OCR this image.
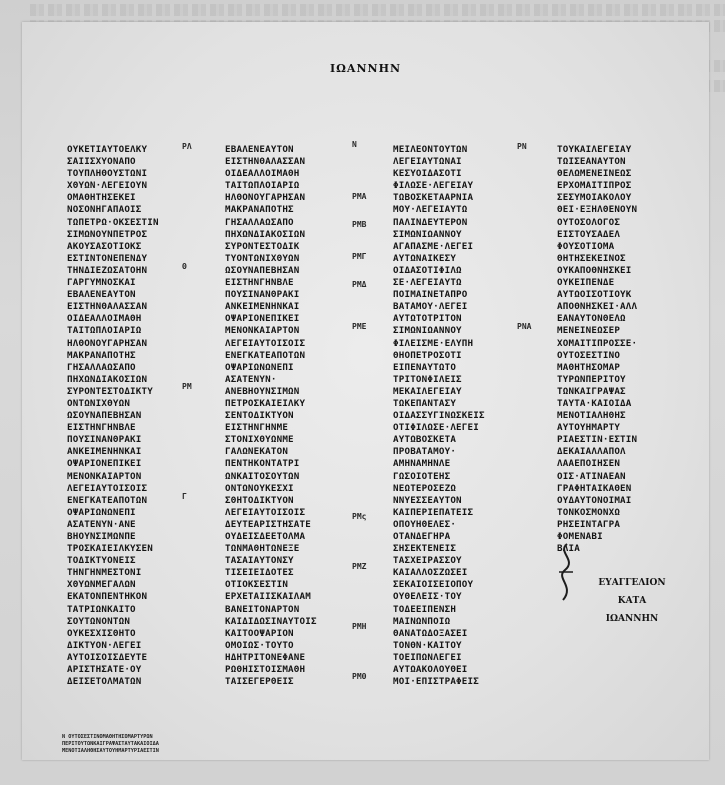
ΙΩΑΝΝΗΝ
ΟΥΚΕΤΙΑΥΤΟΕΛΚΥ
ΣΑΙΙΣΧΥΟΝΑΠΟ
ΤΟΥΠΛΗΘΟΥΣΤΩΝΙ
ΧΘΥΩΝ·ΛΕΓΕΙΟΥΝ
ΟΜΑΘΗΤΗΣΕΚΕΙ
ΝΟΣΟΝΗΓΑΠΑΟΙΣ
ΤΩΠΕΤΡΩ·ΟΚΣΕΣΤΙΝ
ΣΙΜΩΝΟΥΝΠΕΤΡΟΣ
ΑΚΟΥΣΑΣΟΤΙΟΚΣ
ΕΣΤΙΝΤΟΝΕΠΕΝΔΥ
ΤΗΝΔΙΕΖΩΣΑΤΟΗΝ
ΓΑΡΓΥΜΝΟΣΚΑΙ
ΕΒΑΛΕΝΕΑΥΤΟΝ
ΕΙΣΤΗΝΘΑΛΑΣΣΑΝ
ΟΙΔΕΑΛΛΟΙΜΑΘΗ
ΤΑΙΤΩΠΛΟΙΑΡΙΩ
ΗΛΘΟΝΟΥΓΑΡΗΣΑΝ
ΜΑΚΡΑΝΑΠΟΤΗΣ
ΓΗΣΑΛΛΑΩΣΑΠΟ
ΠΗΧΩΝΔΙΑΚΟΣΙΩΝ
ΣΥΡΟΝΤΕΣΤΟΔΙΚΤΥ
ΟΝΤΩΝΙΧΘΥΩΝ
ΩΣΟΥΝΑΠΕΒΗΣΑΝ
ΕΙΣΤΗΝΓΗΝΒΛΕ
ΠΟΥΣΙΝΑΝΘΡΑΚΙ
ΑΝΚΕΙΜΕΝΗΝΚΑΙ
ΟΨΑΡΙΟΝΕΠΙΚΕΙ
ΜΕΝΟΝΚΑΙΑΡΤΟΝ
ΛΕΓΕΙΑΥΤΟΙΣΟΙΣ
ΕΝΕΓΚΑΤΕΑΠΟΤΩΝ
ΟΨΑΡΙΩΝΩΝΕΠΙ
ΑΣΑΤΕΝΥΝ·ΑΝΕ
ΒΗΟΥΝΣΙΜΩΝΠΕ
ΤΡΟΣΚΑΙΕΙΛΚΥΣΕΝ
ΤΟΔΙΚΤΥΟΝΕΙΣ
ΤΗΝΓΗΝΜΕΣΤΟΝΙ
ΧΘΥΩΝΜΕΓΑΛΩΝ
ΕΚΑΤΟΝΠΕΝΤΗΚΟΝ
ΤΑΤΡΙΩΝΚΑΙΤΟ
ΣΟΥΤΩΝΟΝΤΩΝ
ΟΥΚΕΣΧΙΣΘΗΤΟ
ΔΙΚΤΥΟΝ·ΛΕΓΕΙ
ΑΥΤΟΙΣΟΙΣΔΕΥΤΕ
ΑΡΙΣΤΗΣΑΤΕ·ΟΥ
ΔΕΙΣΕΤΟΛΜΑΤΩΝ
ΕΒΑΛΕΝΕΑΥΤΟΝ
ΕΙΣΤΗΝΘΑΛΑΣΣΑΝ
ΟΙΔΕΑΛΛΟΙΜΑΘΗ
ΤΑΙΤΩΠΛΟΙΑΡΙΩ
ΗΛΘΟΝΟΥΓΑΡΗΣΑΝ
ΜΑΚΡΑΝΑΠΟΤΗΣ
ΓΗΣΑΛΛΑΩΣΑΠΟ
ΠΗΧΩΝΔΙΑΚΟΣΙΩΝ
ΣΥΡΟΝΤΕΣΤΟΔΙΚ
ΤΥΟΝΤΩΝΙΧΘΥΩΝ
ΩΣΟΥΝΑΠΕΒΗΣΑΝ
ΕΙΣΤΗΝΓΗΝΒΛΕ
ΠΟΥΣΙΝΑΝΘΡΑΚΙ
ΑΝΚΕΙΜΕΝΗΝΚΑΙ
ΟΨΑΡΙΟΝΕΠΙΚΕΙ
ΜΕΝΟΝΚΑΙΑΡΤΟΝ
ΛΕΓΕΙΑΥΤΟΙΣΟΙΣ
ΕΝΕΓΚΑΤΕΑΠΟΤΩΝ
ΟΨΑΡΙΩΝΩΝΕΠΙ
ΑΣΑΤΕΝΥΝ·
ΑΝΕΒΗΟΥΝΣΙΜΩΝ
ΠΕΤΡΟΣΚΑΙΕΙΛΚΥ
ΣΕΝΤΟΔΙΚΤΥΟΝ
ΕΙΣΤΗΝΓΗΝΜΕ
ΣΤΟΝΙΧΘΥΩΝΜΕ
ΓΑΛΩΝΕΚΑΤΟΝ
ΠΕΝΤΗΚΟΝΤΑΤΡΙ
ΩΝΚΑΙΤΟΣΟΥΤΩΝ
ΟΝΤΩΝΟΥΚΕΣΧΙ
ΣΘΗΤΟΔΙΚΤΥΟΝ
ΛΕΓΕΙΑΥΤΟΙΣΟΙΣ
ΔΕΥΤΕΑΡΙΣΤΗΣΑΤΕ
ΟΥΔΕΙΣΔΕΕΤΟΛΜΑ
ΤΩΝΜΑΘΗΤΩΝΕΞΕ
ΤΑΣΑΙΑΥΤΟΝΣΥ
ΤΙΣΕΙΕΙΔΟΤΕΣ
ΟΤΙΟΚΣΕΣΤΙΝ
ΕΡΧΕΤΑΙΙΣΚΑΙΛΑΜ
ΒΑΝΕΙΤΟΝΑΡΤΟΝ
ΚΑΙΔΙΔΩΣΙΝΑΥΤΟΙΣ
ΚΑΙΤΟΟΨΑΡΙΟΝ
ΟΜΟΙΩΣ·ΤΟΥΤΟ
ΗΔΗΤΡΙΤΟΝΕΦΑΝΕ
ΡΩΘΗΙΣΤΟΙΣΜΑΘΗ
ΤΑΙΣΕΓΕΡΘΕΙΣ
ΜΕΙΛΕΟΝΤΟΥΤΩΝ
ΛΕΓΕΙΑΥΤΩΝΑΙ
ΚΕΣΥΟΙΔΑΣΟΤΙ
ΦΙΛΩΣΕ·ΛΕΓΕΙΑΥ
ΤΩΒΟΣΚΕΤΑΑΡΝΙΑ
ΜΟΥ·ΛΕΓΕΙΑΥΤΩ
ΠΑΛΙΝΔΕΥΤΕΡΟΝ
ΣΙΜΩΝΙΩΑΝΝΟΥ
ΑΓΑΠΑΣΜΕ·ΛΕΓΕΙ
ΑΥΤΩΝΑΙΚΕΣΥ
ΟΙΔΑΣΟΤΙΦΙΛΩ
ΣΕ·ΛΕΓΕΙΑΥΤΩ
ΠΟΙΜΑΙΝΕΤΑΠΡΟ
ΒΑΤΑΜΟΥ·ΛΕΓΕΙ
ΑΥΤΩΤΟΤΡΙΤΟΝ
ΣΙΜΩΝΙΩΑΝΝΟΥ
ΦΙΛΕΙΣΜΕ·ΕΛΥΠΗ
ΘΗΟΠΕΤΡΟΣΟΤΙ
ΕΙΠΕΝΑΥΤΩΤΟ
ΤΡΙΤΟΝΦΙΛΕΙΣ
ΜΕΚΑΙΛΕΓΕΙΑΥ
ΤΩΚΕΠΑΝΤΑΣΥ
ΟΙΔΑΣΣΥΓΙΝΩΣΚΕΙΣ
ΟΤΙΦΙΛΩΣΕ·ΛΕΓΕΙ
ΑΥΤΩΒΟΣΚΕΤΑ
ΠΡΟΒΑΤΑΜΟΥ·
ΑΜΗΝΑΜΗΝΛΕ
ΓΩΣΟΙΟΤΕΗΣ
ΝΕΩΤΕΡΟΣΕΖΩ
ΝΝΥΕΣΣΕΑΥΤΟΝ
ΚΑΙΠΕΡΙΕΠΑΤΕΙΣ
ΟΠΟΥΗΘΕΛΕΣ·
ΟΤΑΝΔΕΓΗΡΑ
ΣΗΣΕΚΤΕΝΕΙΣ
ΤΑΣΧΕΙΡΑΣΣΟΥ
ΚΑΙΑΛΛΟΣΖΩΣΕΙ
ΣΕΚΑΙΟΙΣΕΙΟΠΟΥ
ΟΥΘΕΛΕΙΣ·ΤΟΥ
ΤΟΔΕΕΙΠΕΝΣΗ
ΜΑΙΝΩΝΠΟΙΩ
ΘΑΝΑΤΩΔΟΞΑΣΕΙ
ΤΟΝΘΝ·ΚΑΙΤΟΥ
ΤΟΕΙΠΩΝΛΕΓΕΙ
ΑΥΤΩΑΚΟΛΟΥΘΕΙ
ΜΟΙ·ΕΠΙΣΤΡΑΦΕΙΣ
ΤΟΥΚΑΙΛΕΓΕΙΑΥ
ΤΩΙΣΕΑΝΑΥΤΟΝ
ΘΕΛΩΜΕΝΕΙΝΕΩΣ
ΕΡΧΟΜΑΙΤΙΠΡΟΣ
ΣΕΣΥΜΟΙΑΚΟΛΟΥ
ΘΕΙ·ΕΞΗΛΘΕΝΟΥΝ
ΟΥΤΟΣΟΛΟΓΟΣ
ΕΙΣΤΟΥΣΑΔΕΛ
ΦΟΥΣΟΤΙΟΜΑ
ΘΗΤΗΣΕΚΕΙΝΟΣ
ΟΥΚΑΠΟΘΝΗΣΚΕΙ
ΟΥΚΕΙΠΕΝΔΕ
ΑΥΤΩΟΙΣΟΤΙΟΥΚ
ΑΠΟΘΝΗΣΚΕΙ·ΑΛΛ
ΕΑΝΑΥΤΟΝΘΕΛΩ
ΜΕΝΕΙΝΕΩΣΕΡ
ΧΟΜΑΙΤΙΠΡΟΣΣΕ·
ΟΥΤΟΣΕΣΤΙΝΟ
ΜΑΘΗΤΗΣΟΜΑΡ
ΤΥΡΩΝΠΕΡΙΤΟΥ
ΤΩΝΚΑΙΓΡΑΨΑΣ
ΤΑΥΤΑ·ΚΑΙΟΙΔΑ
ΜΕΝΟΤΙΑΛΗΘΗΣ
ΑΥΤΟΥΗΜΑΡΤΥ
ΡΙΑΕΣΤΙΝ·ΕΣΤΙΝ
ΔΕΚΑΙΑΛΛΑΠΟΛ
ΛΑΑΕΠΟΙΗΣΕΝ
ΟΙΣ·ΑΤΙΝΑΕΑΝ
ΓΡΑΦΗΤΑΙΚΑΘΕΝ
ΟΥΔΑΥΤΟΝΟΙΜΑΙ
ΤΟΝΚΟΣΜΟΝΧΩ
ΡΗΣΕΙΝΤΑΓΡΑ
ΦΟΜΕΝΑΒΙ
ΒΛΙΑ
ΡΛ
Θ
ΡΜ
Γ
Ν
ΡΜΑ
ΡΜΒ
ΡΜΓ
ΡΜΔ
ΡΜΕ
ΡΜς
ΡΜΖ
ΡΜΗ
ΡΜΘ
ΡΝ
ΡΝΑ
ΕΥΑΓΓΕΛΙΟΝ
ΚΑΤΑ
ΙΩΑΝΝΗΝ
Ν ΟΥΤΟΣΕΣΤΙΝΟΜΑΘΗΤΗΣΟΜΑΡΤΥΡΩΝ
ΠΕΡΙΤΟΥΤΩΝΚΑΙΓΡΑΨΑΣΤΑΥΤΑΚΑΙΟΙΔΑ
ΜΕΝΟΤΙΑΛΗΘΗΣΑΥΤΟΥΗΜΑΡΤΥΡΙΑΕΣΤΙΝ
